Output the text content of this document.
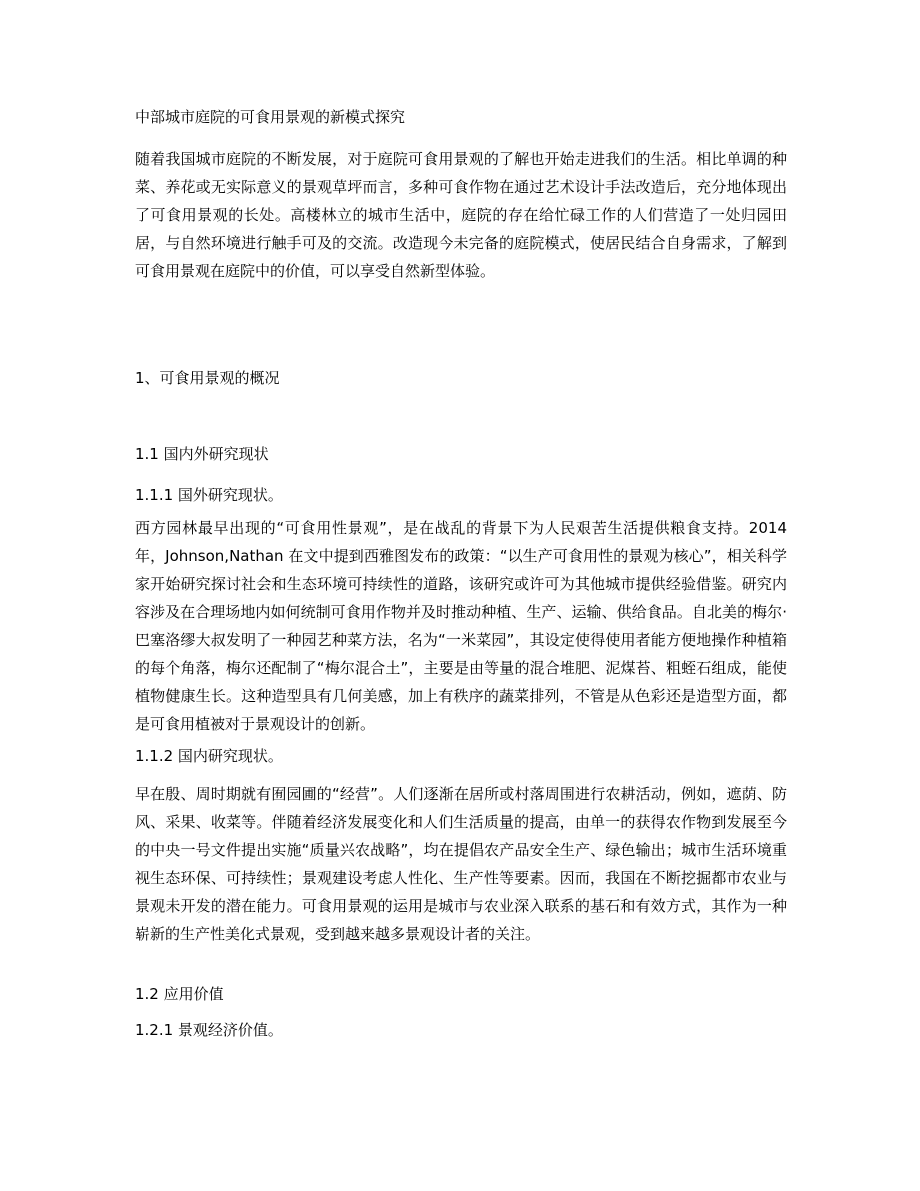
中部城市庭院的可食用景观的新模式探究

随着我国城市庭院的不断发展，对于庭院可食用景观的了解也开始走进我们的生活。相比单调的种菜、养花或无实际意义的景观草坪而言，多种可食作物在通过艺术设计手法改造后，充分地体现出了可食用景观的长处。高楼林立的城市生活中，庭院的存在给忙碌工作的人们营造了一处归园田居，与自然环境进行触手可及的交流。改造现今未完备的庭院模式，使居民结合自身需求，了解到可食用景观在庭院中的价值，可以享受自然新型体验。

1、可食用景观的概况

1.1 国内外研究现状

1.1.1 国外研究现状。

西方园林最早出现的“可食用性景观”，是在战乱的背景下为人民艰苦生活提供粮食支持。2014 年，Johnson,Nathan 在文中提到西雅图发布的政策：“以生产可食用性的景观为核心”，相关科学家开始研究探讨社会和生态环境可持续性的道路，该研究或许可为其他城市提供经验借鉴。研究内容涉及在合理场地内如何统制可食用作物并及时推动种植、生产、运输、供给食品。自北美的梅尔·巴塞洛缪大叔发明了一种园艺种菜方法，名为“一米菜园”，其设定使得使用者能方便地操作种植箱的每个角落，梅尔还配制了“梅尔混合土”，主要是由等量的混合堆肥、泥煤苔、粗蛭石组成，能使植物健康生长。这种造型具有几何美感，加上有秩序的蔬菜排列，不管是从色彩还是造型方面，都是可食用植被对于景观设计的创新。

1.1.2 国内研究现状。

早在殷、周时期就有囿园圃的“经营”。人们逐渐在居所或村落周围进行农耕活动，例如，遮荫、防风、采果、收菜等。伴随着经济发展变化和人们生活质量的提高，由单一的获得农作物到发展至今的中央一号文件提出实施“质量兴农战略”，均在提倡农产品安全生产、绿色输出；城市生活环境重视生态环保、可持续性；景观建设考虑人性化、生产性等要素。因而，我国在不断挖掘都市农业与景观未开发的潜在能力。可食用景观的运用是城市与农业深入联系的基石和有效方式，其作为一种崭新的生产性美化式景观，受到越来越多景观设计者的关注。

1.2 应用价值

1.2.1 景观经济价值。
